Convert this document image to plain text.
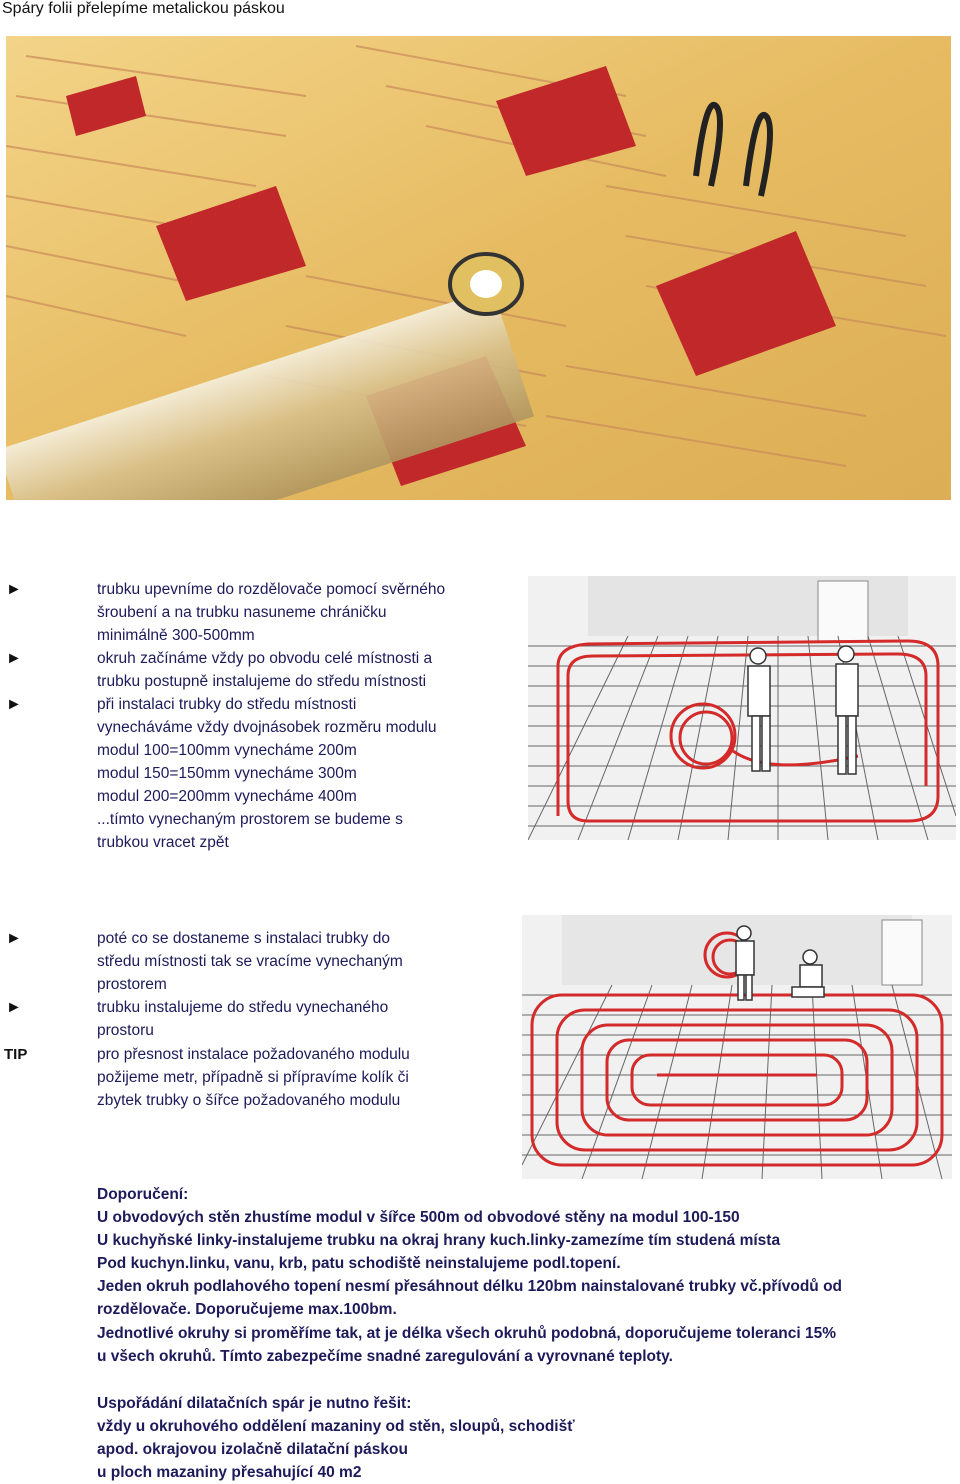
Spáry folii přelepíme metalickou páskou
►
►
►
trubku upevníme do rozdělovače pomocí svěrného
šroubení a na trubku nasuneme chráničku
minimálně 300-500mm
okruh začínáme vždy po obvodu celé místnosti a
trubku postupně instalujeme do středu místnosti
při instalaci trubky do středu místnosti
vynecháváme vždy dvojnásobek rozměru modulu
modul 100=100mm vynecháme 200m
modul 150=150mm vynecháme 300m
modul 200=200mm vynecháme 400m
...tímto vynechaným prostorem se budeme s
trubkou vracet zpět
►
►
TIP
poté co se dostaneme s instalaci trubky do
středu místnosti tak se vracíme vynechaným
prostorem
trubku instalujeme do středu vynechaného
prostoru
pro přesnost instalace požadovaného modulu
požijeme metr, případně si přípravíme kolík či
zbytek trubky o šířce požadovaného modulu
Doporučení:
U obvodových stěn zhustíme modul v šířce 500m od obvodové stěny na modul 100-150
U kuchyňské linky-instalujeme trubku na okraj hrany kuch.linky-zamezíme tím studená místa
Pod kuchyn.linku, vanu, krb, patu schodiště neinstalujeme podl.topení.
Jeden okruh podlahového topení nesmí přesáhnout délku 120bm nainstalované trubky vč.přívodů od
rozdělovače. Doporučujeme max.100bm.
Jednotlivé okruhy si proměříme tak, at je délka všech okruhů podobná, doporučujeme toleranci 15%
u všech okruhů. Tímto zabezpečíme snadné zaregulování a vyrovnané teploty.
Uspořádání dilatačních spár je nutno řešit:
vždy u okruhového oddělení mazaniny od stěn, sloupů, schodišť
apod. okrajovou izolačně dilatační páskou
u ploch mazaniny přesahující 40 m2
